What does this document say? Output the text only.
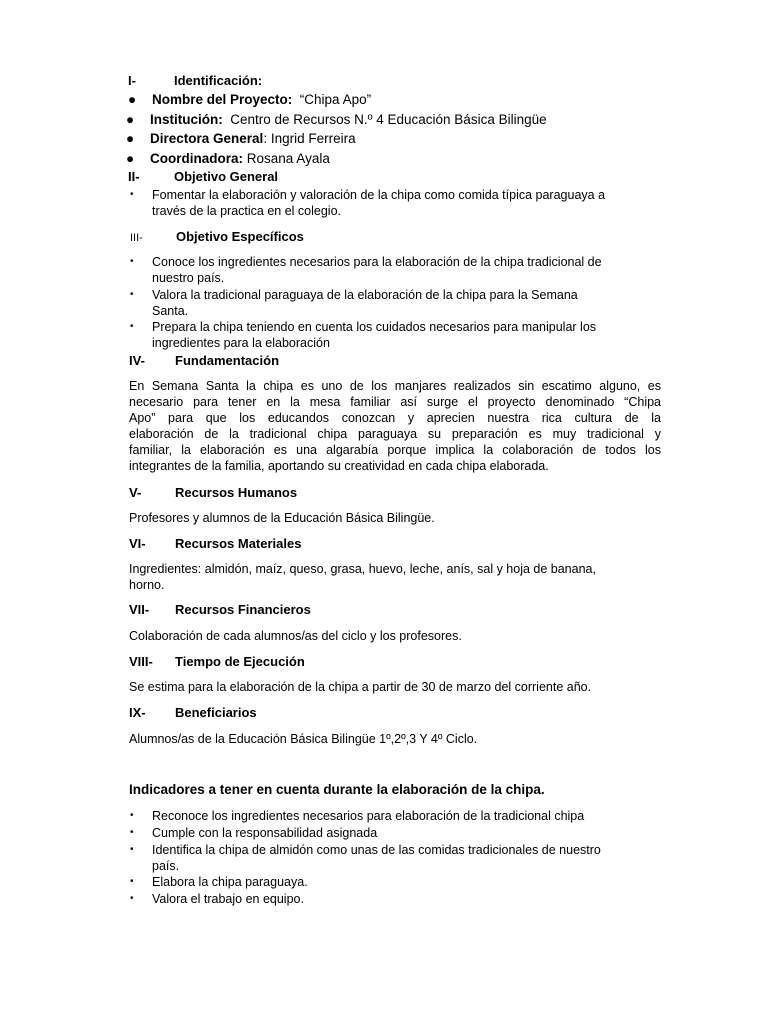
I-	Identificación:
● Nombre del Proyecto: “Chipa Apo”
● Institución: Centro de Recursos N.º 4 Educación Básica Bilingüe
● Directora General: Ingrid Ferreira
● Coordinadora: Rosana Ayala
II-	Objetivo General
• Fomentar la elaboración y valoración de la chipa como comida típica paraguaya a
través de la practica en el colegio.
III-	Objetivo Específicos
• Conoce los ingredientes necesarios para la elaboración de la chipa tradicional de
nuestro país.
• Valora la tradicional paraguaya de la elaboración de la chipa para la Semana
Santa.
• Prepara la chipa teniendo en cuenta los cuidados necesarios para manipular los
ingredientes para la elaboración
IV- Fundamentación
En Semana Santa la chipa es uno de los manjares realizados sin escatimo alguno, es
necesario para tener en la mesa familiar así surge el proyecto denominado “Chipa
Apo” para que los educandos conozcan y aprecien nuestra rica cultura de la
elaboración de la tradicional chipa paraguaya su preparación es muy tradicional y
familiar, la elaboración es una algarabía porque implica la colaboración de todos los
integrantes de la familia, aportando su creatividad en cada chipa elaborada.
V-	Recursos Humanos
Profesores y alumnos de la Educación Básica Bilingüe.
VI- Recursos Materiales
Ingredientes: almidón, maíz, queso, grasa, huevo, leche, anís, sal y hoja de banana,
horno.
VII- Recursos Financieros
Colaboración de cada alumnos/as del ciclo y los profesores.
VIII- Tiempo de Ejecución
Se estima para la elaboración de la chipa a partir de 30 de marzo del corriente año.
IX- Beneficiarios
Alumnos/as de la Educación Básica Bilingüe 1º,2º,3 Y 4º Ciclo.
Indicadores a tener en cuenta durante la elaboración de la chipa.
• Reconoce los ingredientes necesarios para elaboración de la tradicional chipa
• Cumple con la responsabilidad asignada
• Identifica la chipa de almidón como unas de las comidas tradicionales de nuestro
país.
• Elabora la chipa paraguaya.
• Valora el trabajo en equipo.
